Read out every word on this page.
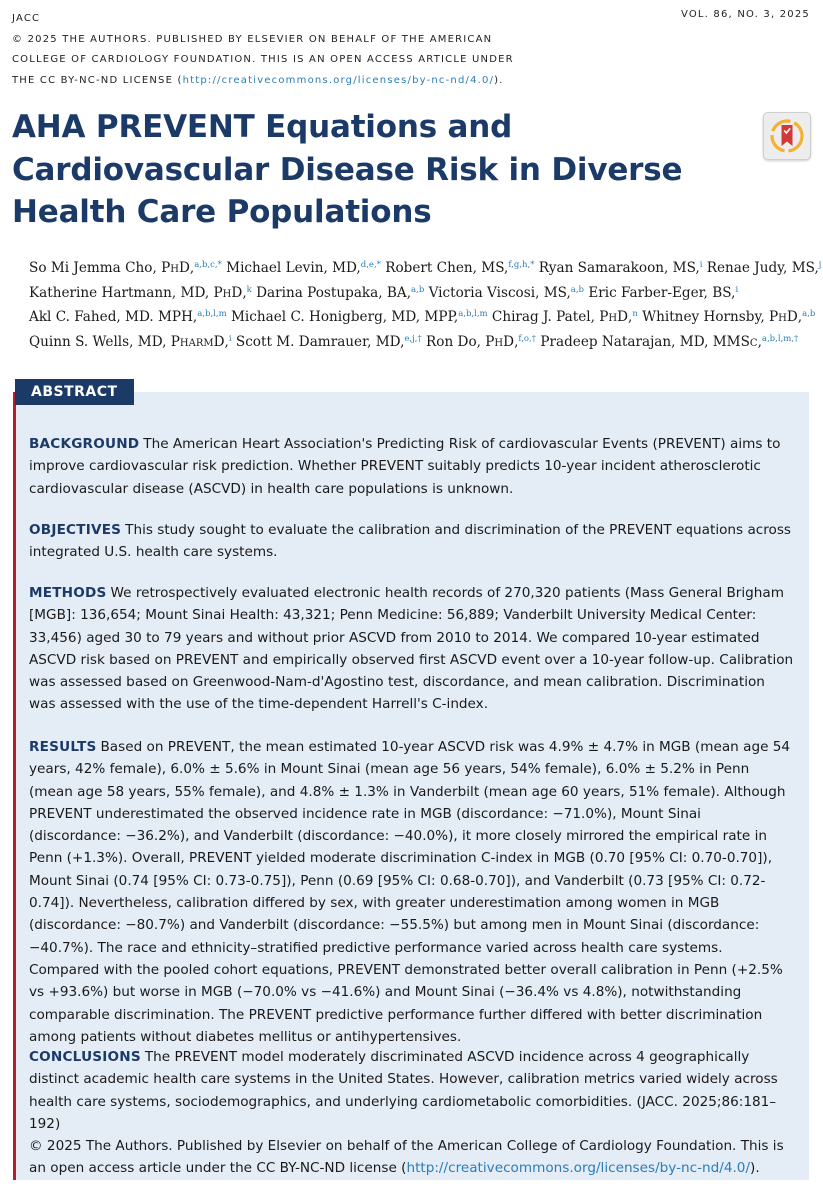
JACC
© 2025 THE AUTHORS. PUBLISHED BY ELSEVIER ON BEHALF OF THE AMERICAN
COLLEGE OF CARDIOLOGY FOUNDATION. THIS IS AN OPEN ACCESS ARTICLE UNDER
THE CC BY-NC-ND LICENSE (http://creativecommons.org/licenses/by-nc-nd/4.0/).
VOL. 86, NO. 3, 2025
AHA PREVENT Equations and
Cardiovascular Disease Risk in Diverse
Health Care Populations
So Mi Jemma Cho, PhD,$^{a,b,c,*}$ Michael Levin, MD,$^{d,e,*}$ Robert Chen, MS,$^{f,g,h,*}$ Ryan Samarakoon, MS,$^i$ Renae Judy, MS,$^j$
Katherine Hartmann, MD, PhD,$^k$ Darina Postupaka, BA,$^{a,b}$ Victoria Viscosi, MS,$^{a,b}$ Eric Farber-Eger, BS,$^i$
Akl C. Fahed, MD. MPH,$^{a,b,l,m}$ Michael C. Honigberg, MD, MPP,$^{a,b,l,m}$ Chirag J. Patel, PhD,$^n$ Whitney Hornsby, PhD,$^{a,b}$
Quinn S. Wells, MD, PharmD,$^i$ Scott M. Damrauer, MD,$^{e,j,\dagger}$ Ron Do, PhD,$^{f,o,\dagger}$ Pradeep Natarajan, MD, MMSc,$^{a,b,l,m,\dagger}$
ABSTRACT

BACKGROUND The American Heart Association's Predicting Risk of cardiovascular Events (PREVENT) aims to improve cardiovascular risk prediction. Whether PREVENT suitably predicts 10-year incident atherosclerotic cardiovascular disease (ASCVD) in health care populations is unknown.

OBJECTIVES This study sought to evaluate the calibration and discrimination of the PREVENT equations across integrated U.S. health care systems.

METHODS We retrospectively evaluated electronic health records of 270,320 patients (Mass General Brigham [MGB]: 136,654; Mount Sinai Health: 43,321; Penn Medicine: 56,889; Vanderbilt University Medical Center: 33,456) aged 30 to 79 years and without prior ASCVD from 2010 to 2014. We compared 10-year estimated ASCVD risk based on PREVENT and empirically observed first ASCVD event over a 10-year follow-up. Calibration was assessed based on Greenwood-Nam-d'Agostino test, discordance, and mean calibration. Discrimination was assessed with the use of the time-dependent Harrell's C-index.

RESULTS Based on PREVENT, the mean estimated 10-year ASCVD risk was 4.9% ± 4.7% in MGB (mean age 54 years, 42% female), 6.0% ± 5.6% in Mount Sinai (mean age 56 years, 54% female), 6.0% ± 5.2% in Penn (mean age 58 years, 55% female), and 4.8% ± 1.3% in Vanderbilt (mean age 60 years, 51% female). Although PREVENT underestimated the observed incidence rate in MGB (discordance: −71.0%), Mount Sinai (discordance: −36.2%), and Vanderbilt (discordance: −40.0%), it more closely mirrored the empirical rate in Penn (+1.3%). Overall, PREVENT yielded moderate discrimination C-index in MGB (0.70 [95% CI: 0.70-0.70]), Mount Sinai (0.74 [95% CI: 0.73-0.75]), Penn (0.69 [95% CI: 0.68-0.70]), and Vanderbilt (0.73 [95% CI: 0.72-0.74]). Nevertheless, calibration differed by sex, with greater underestimation among women in MGB (discordance: −80.7%) and Vanderbilt (discordance: −55.5%) but among men in Mount Sinai (discordance: −40.7%). The race and ethnicity–stratified predictive performance varied across health care systems. Compared with the pooled cohort equations, PREVENT demonstrated better overall calibration in Penn (+2.5% vs +93.6%) but worse in MGB (−70.0% vs −41.6%) and Mount Sinai (−36.4% vs 4.8%), notwithstanding comparable discrimination. The PREVENT predictive performance further differed with better discrimination among patients without diabetes mellitus or antihypertensives.

CONCLUSIONS The PREVENT model moderately discriminated ASCVD incidence across 4 geographically distinct academic health care systems in the United States. However, calibration metrics varied widely across health care systems, sociodemographics, and underlying cardiometabolic comorbidities. (JACC. 2025;86:181–192)
© 2025 The Authors. Published by Elsevier on behalf of the American College of Cardiology Foundation. This is an open access article under the CC BY-NC-ND license (http://creativecommons.org/licenses/by-nc-nd/4.0/).
